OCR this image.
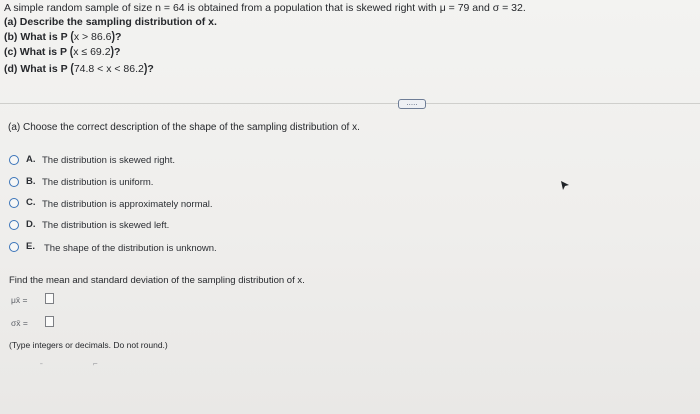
A simple random sample of size n = 64 is obtained from a population that is skewed right with μ = 79 and σ = 32.
(a) Describe the sampling distribution of x.
(b) What is P (x > 86.6)?
(c) What is P (x ≤ 69.2)?
(d) What is P (74.8 < x < 86.2)?
.....
(a) Choose the correct description of the shape of the sampling distribution of x.
A. The distribution is skewed right.
B. The distribution is uniform.
C. The distribution is approximately normal.
D. The distribution is skewed left.
E. The shape of the distribution is unknown.
Find the mean and standard deviation of the sampling distribution of x.
μx̄ =
σx̄ =
(Type integers or decimals. Do not round.)
˗	⌐
